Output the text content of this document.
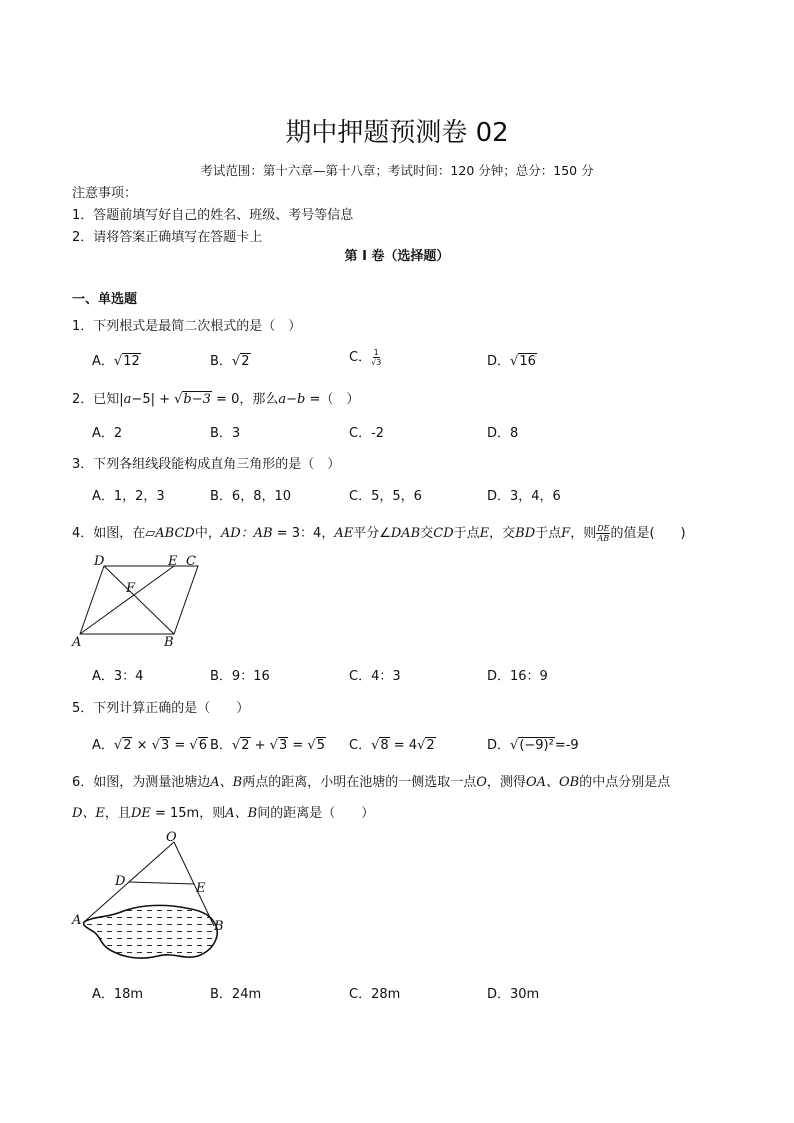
期中押题预测卷 02
考试范围：第十六章—第十八章；考试时间：120 分钟；总分：150 分
注意事项：
1．答题前填写好自己的姓名、班级、考号等信息
2．请将答案正确填写在答题卡上
第 I 卷（选择题）
一、单选题
1．下列根式是最简二次根式的是（　）
A．√12	B．√2	C． $\frac{1}{√3}$	D．√16
2．已知|a−5| + √b−3 = 0，那么a−b =（　）
A．2	B．3	C．-2	D．8
3．下列各组线段能构成直角三角形的是（　）
A．1，2，3	B．6，8，10	C．5，5，6	D．3，4，6
4．如图，在▱ABCD中，AD：AB = 3：4，AE平分∠DAB交CD于点E，交BD于点F，则 $\frac{DE}{AB}$ 的值是(　　)
D	E C
F
A	B
A．3：4	B．9：16	C．4：3	D．16：9
5．下列计算正确的是（　　）
A．√2 × √3 = √6 B．√2 + √3 = √5 C．√8 = 4√2	D．√(−9)²=-9
6．如图，为测量池塘边A、B两点的距离，小明在池塘的一侧选取一点O，测得OA、OB的中点分别是点
D、E，且DE = 15m，则A、B间的距离是（　　）
O
D	E
A	B
A．18m	B．24m	C．28m	D．30m
